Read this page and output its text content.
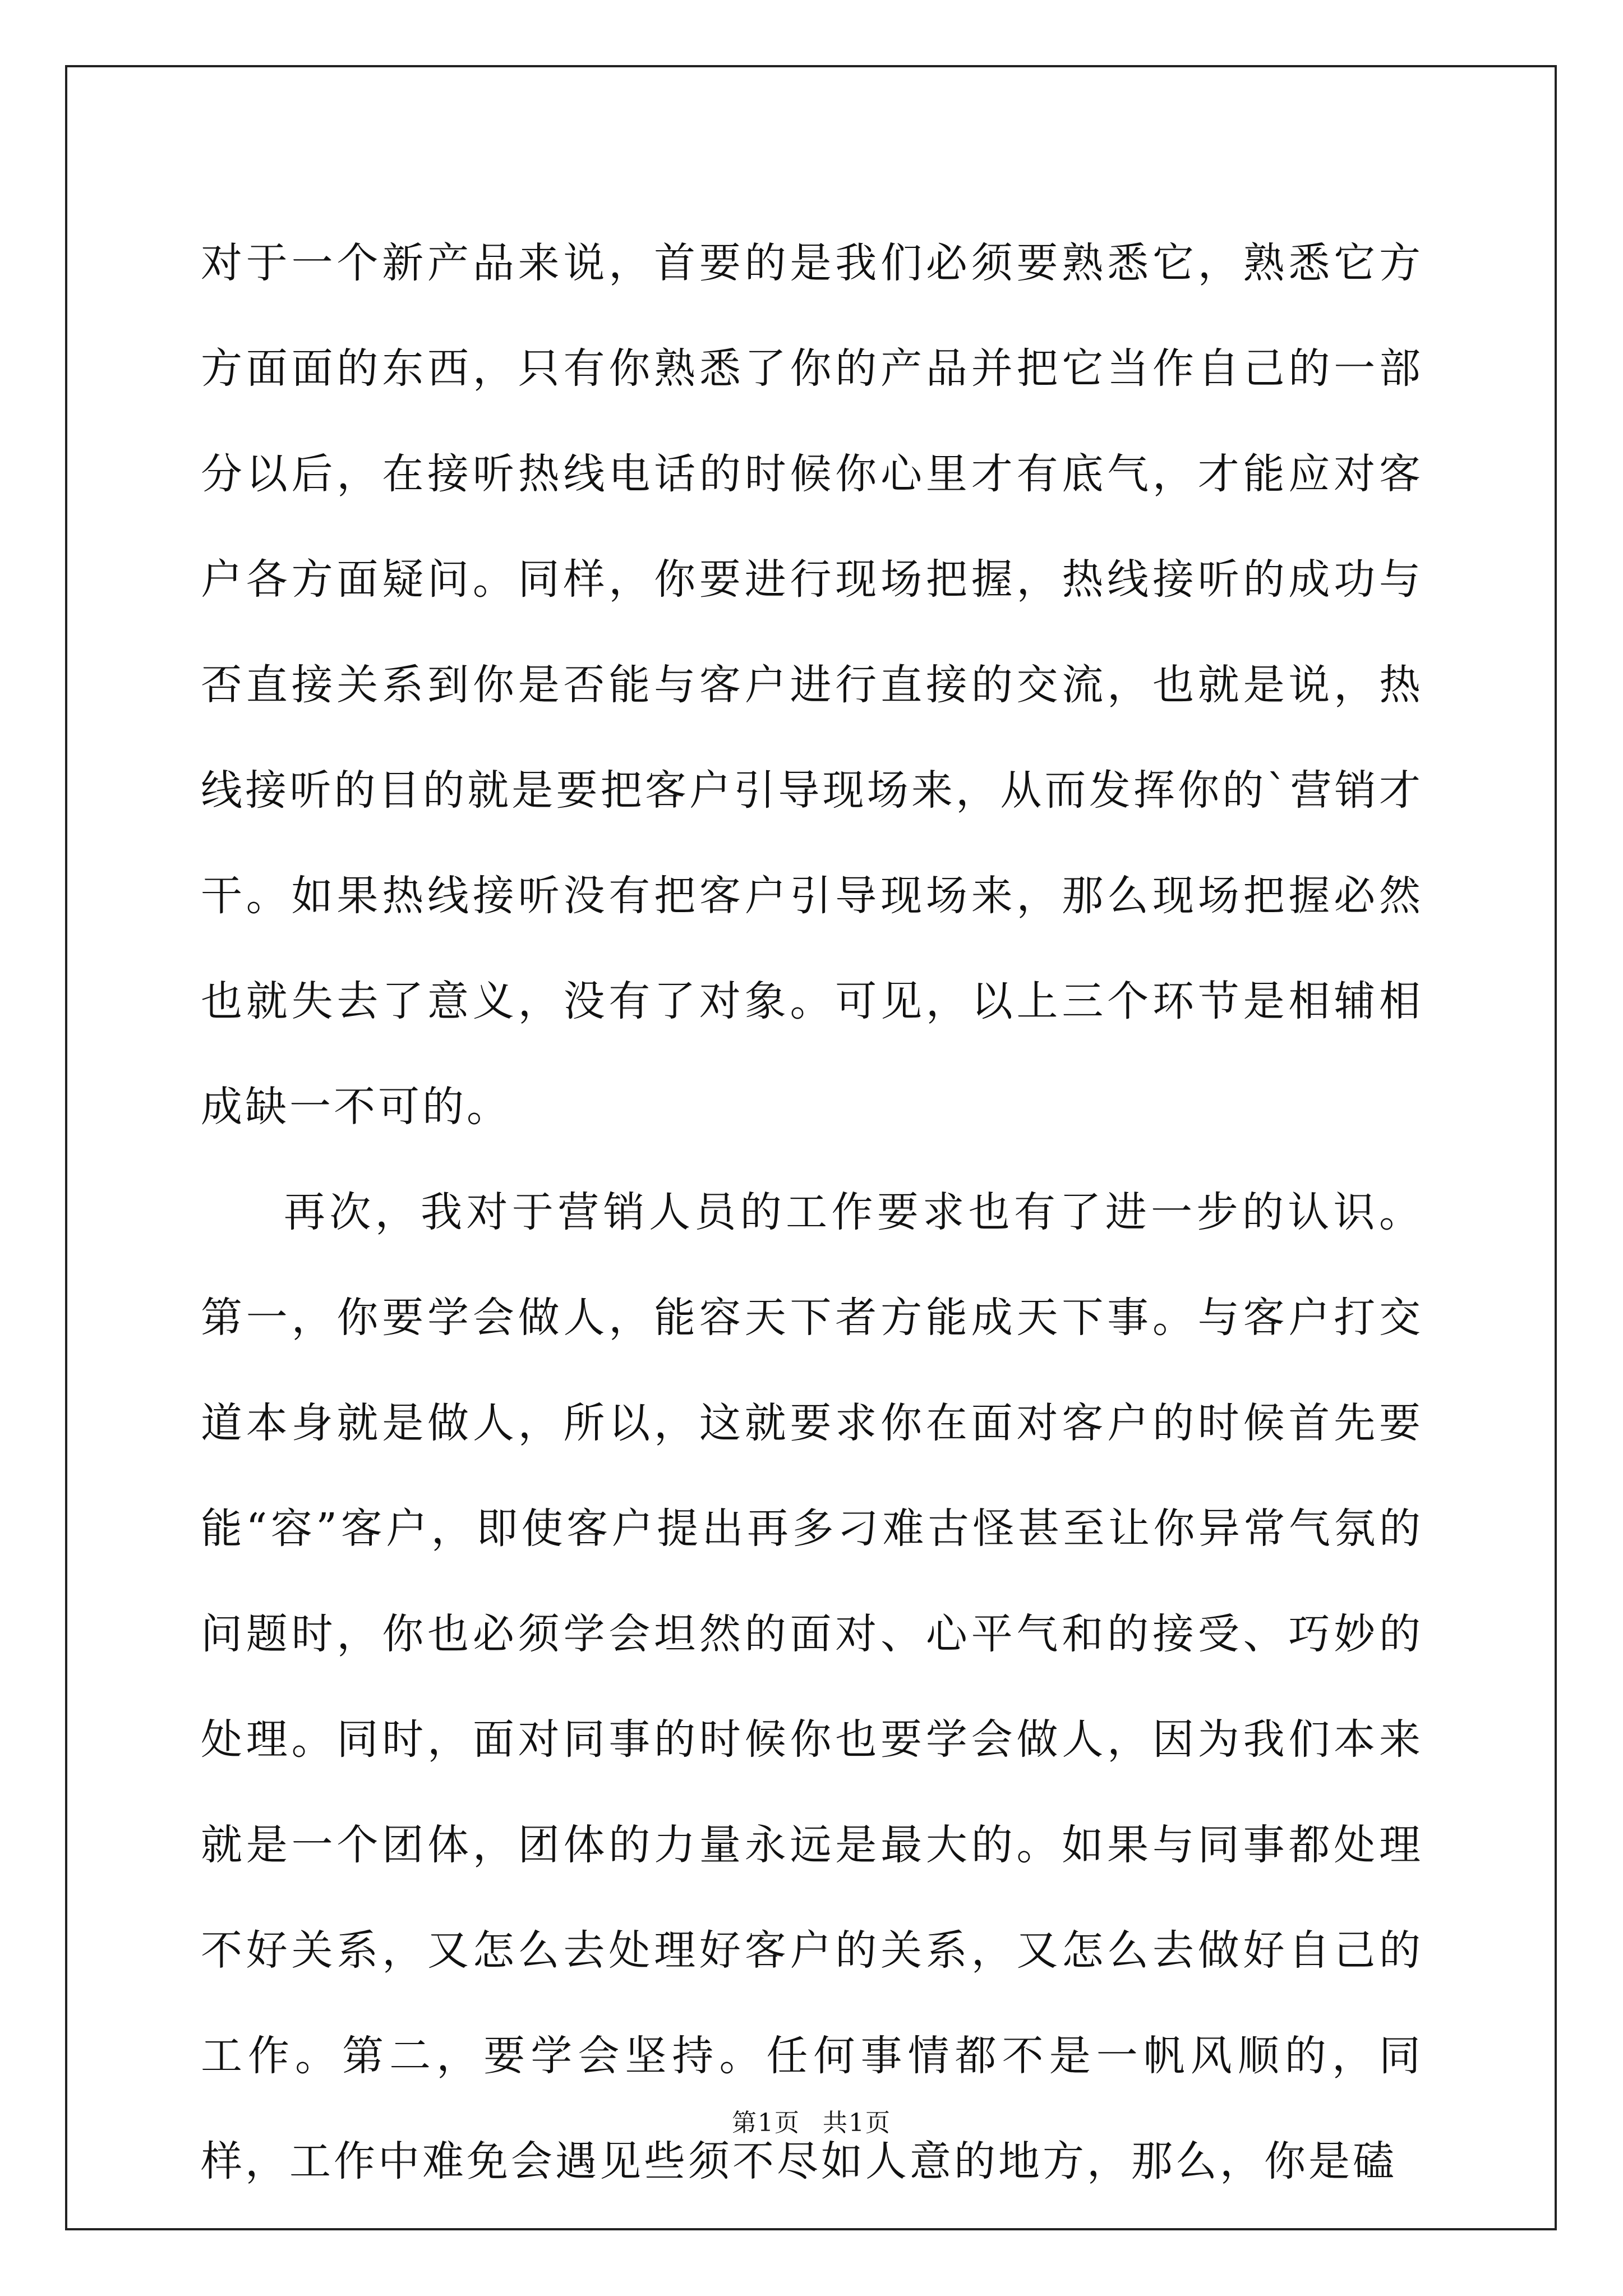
对于一个新产品来说，首要的是我们必须要熟悉它，熟悉它方方面面的东西，只有你熟悉了你的产品并把它当作自己的一部分以后，在接听热线电话的时候你心里才有底气，才能应对客户各方面疑问。同样，你要进行现场把握，热线接听的成功与否直接关系到你是否能与客户进行直接的交流，也就是说，热线接听的目的就是要把客户引导现场来，从而发挥你的`营销才干。如果热线接听没有把客户引导现场来，那么现场把握必然也就失去了意义，没有了对象。可见，以上三个环节是相辅相成缺一不可的。

再次，我对于营销人员的工作要求也有了进一步的认识。第一，你要学会做人，能容天下者方能成天下事。与客户打交道本身就是做人，所以，这就要求你在面对客户的时候首先要能“容”客户，即使客户提出再多刁难古怪甚至让你异常气氛的问题时，你也必须学会坦然的面对、心平气和的接受、巧妙的处理。同时，面对同事的时候你也要学会做人，因为我们本来就是一个团体，团体的力量永远是最大的。如果与同事都处理不好关系，又怎么去处理好客户的关系，又怎么去做好自己的工作。第二，要学会坚持。任何事情都不是一帆风顺的，同样，工作中难免会遇见些须不尽如人意的地方，那么，你是磕

第1页 共1页
